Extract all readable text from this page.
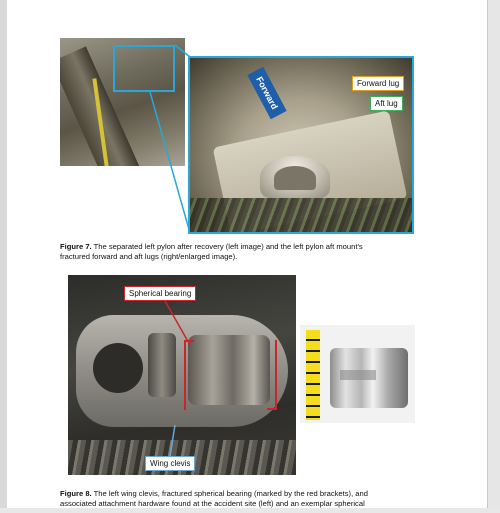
Forward	Forward lug
Aft lug
Figure 7. The separated left pylon after recovery (left image) and the left pylon aft mount's
fractured forward and aft lugs (right/enlarged image).
Spherical bearing
Wing clevis
Figure 8. The left wing clevis, fractured spherical bearing (marked by the red brackets), and
associated attachment hardware found at the accident site (left) and an exemplar spherical
